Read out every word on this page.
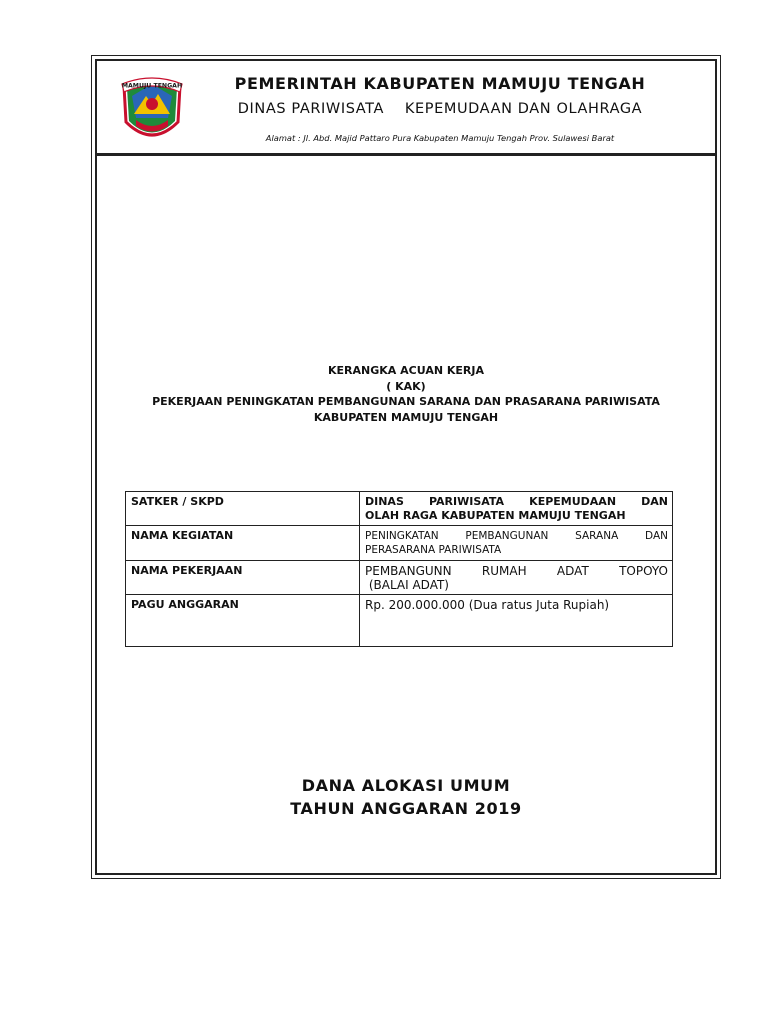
MAMUJU TENGAH	PEMERINTAH KABUPATEN MAMUJU TENGAH
DINAS PARIWISATA    KEPEMUDAAN DAN OLAHRAGA
Alamat : Jl. Abd. Majid Pattaro Pura Kabupaten Mamuju Tengah Prov. Sulawesi Barat
KERANGKA ACUAN KERJA
( KAK)
PEKERJAAN PENINGKATAN PEMBANGUNAN SARANA DAN PRASARANA PARIWISATA
KABUPATEN MAMUJU TENGAH
SATKER / SKPD	DINAS PARIWISATA KEPEMUDAAN DAN
OLAH RAGA KABUPATEN MAMUJU TENGAH

NAMA KEGIATAN	PENINGKATAN PEMBANGUNAN SARANA DAN
PERASARANA PARIWISATA

NAMA PEKERJAAN	PEMBANGUNN RUMAH ADAT TOPOYO
(BALAI ADAT)

PAGU ANGGARAN	Rp. 200.000.000 (Dua ratus Juta Rupiah)
DANA ALOKASI UMUM
TAHUN ANGGARAN 2019
